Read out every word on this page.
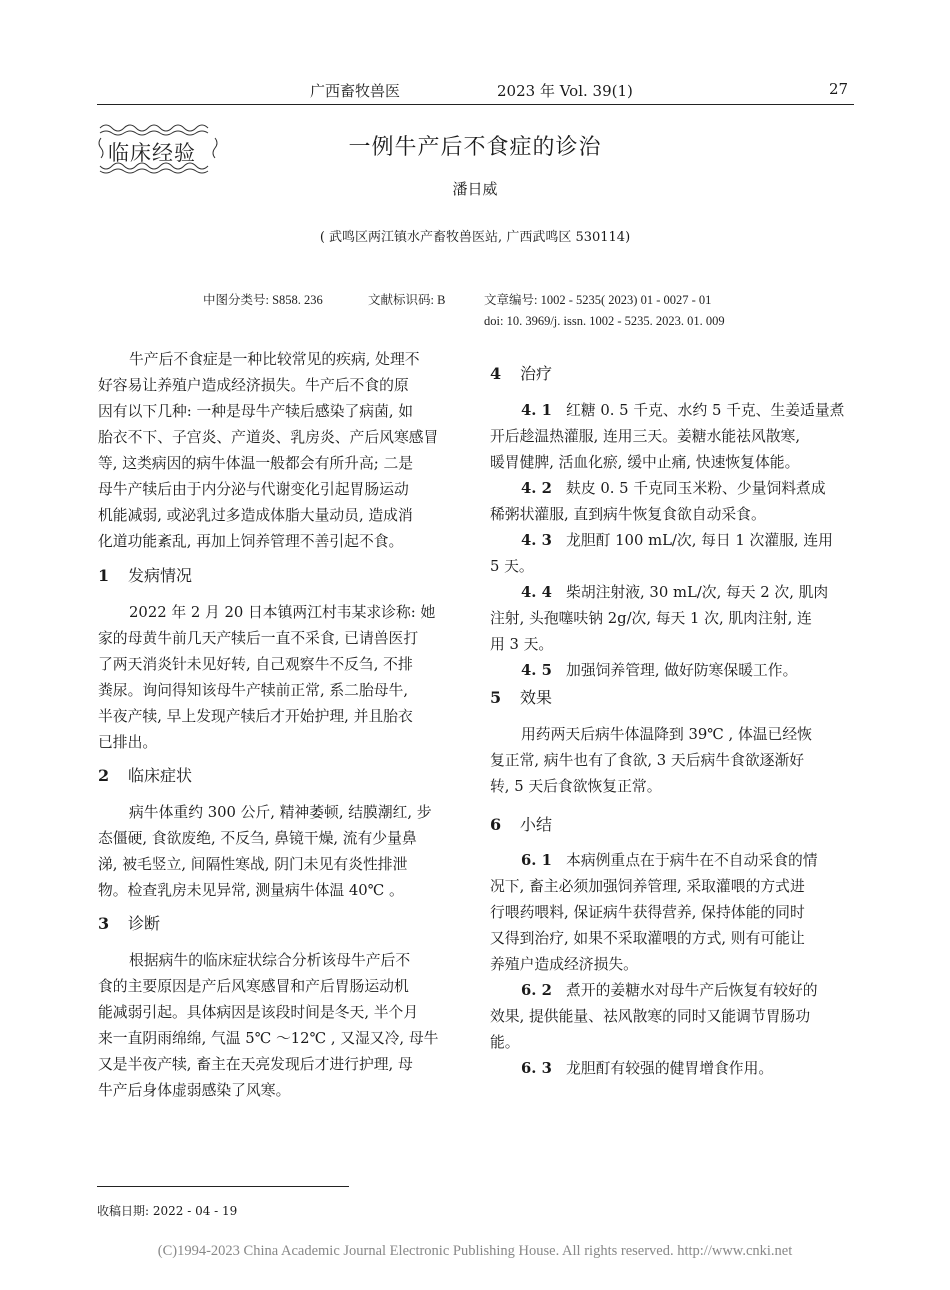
广西畜牧兽医	2023 年 Vol. 39(1)	27
临床经验	一例牛产后不食症的诊治
潘日威
( 武鸣区两江镇水产畜牧兽医站, 广西武鸣区 530114)
中图分类号: S858. 236	文献标识码: B	文章编号: 1002 - 5235( 2023) 01 - 0027 - 01
doi: 10. 3969/j. issn. 1002 - 5235. 2023. 01. 009
牛产后不食症是一种比较常见的疾病, 处理不
好容易让养殖户造成经济损失。牛产后不食的原
因有以下几种: 一种是母牛产犊后感染了病菌, 如
胎衣不下、子宫炎、产道炎、乳房炎、产后风寒感冒
等, 这类病因的病牛体温一般都会有所升高; 二是
母牛产犊后由于内分泌与代谢变化引起胃肠运动
机能减弱, 或泌乳过多造成体脂大量动员, 造成消
化道功能紊乱, 再加上饲养管理不善引起不食。
1 发病情况
2022 年 2 月 20 日本镇两江村韦某求诊称: 她
家的母黄牛前几天产犊后一直不采食, 已请兽医打
了两天消炎针未见好转, 自己观察牛不反刍, 不排
粪尿。询问得知该母牛产犊前正常, 系二胎母牛,
半夜产犊, 早上发现产犊后才开始护理, 并且胎衣
已排出。
2 临床症状
病牛体重约 300 公斤, 精神萎顿, 结膜潮红, 步
态僵硬, 食欲废绝, 不反刍, 鼻镜干燥, 流有少量鼻
涕, 被毛竖立, 间隔性寒战, 阴门未见有炎性排泄
物。检查乳房未见异常, 测量病牛体温 40℃ 。
3 诊断
根据病牛的临床症状综合分析该母牛产后不
食的主要原因是产后风寒感冒和产后胃肠运动机
能减弱引起。具体病因是该段时间是冬天, 半个月
来一直阴雨绵绵, 气温 5℃ ～12℃ , 又湿又冷, 母牛
又是半夜产犊, 畜主在天亮发现后才进行护理, 母
牛产后身体虚弱感染了风寒。
4 治疗
4. 1 红糖 0. 5 千克、水约 5 千克、生姜适量煮
开后趁温热灌服, 连用三天。姜糖水能祛风散寒,
暖胃健脾, 活血化瘀, 缓中止痛, 快速恢复体能。
4. 2 麸皮 0. 5 千克同玉米粉、少量饲料煮成
稀粥状灌服, 直到病牛恢复食欲自动采食。
4. 3 龙胆酊 100 mL/次, 每日 1 次灌服, 连用
5 天。
4. 4 柴胡注射液, 30 mL/次, 每天 2 次, 肌肉
注射, 头孢噻呋钠 2g/次, 每天 1 次, 肌肉注射, 连
用 3 天。
4. 5 加强饲养管理, 做好防寒保暖工作。
5 效果
用药两天后病牛体温降到 39℃ , 体温已经恢
复正常, 病牛也有了食欲, 3 天后病牛食欲逐渐好
转, 5 天后食欲恢复正常。
6 小结
6. 1 本病例重点在于病牛在不自动采食的情
况下, 畜主必须加强饲养管理, 采取灌喂的方式进
行喂药喂料, 保证病牛获得营养, 保持体能的同时
又得到治疗, 如果不采取灌喂的方式, 则有可能让
养殖户造成经济损失。
6. 2 煮开的姜糖水对母牛产后恢复有较好的
效果, 提供能量、祛风散寒的同时又能调节胃肠功
能。
6. 3 龙胆酊有较强的健胃增食作用。
收稿日期: 2022 - 04 - 19
(C)1994-2023 China Academic Journal Electronic Publishing House. All rights reserved. http://www.cnki.net
